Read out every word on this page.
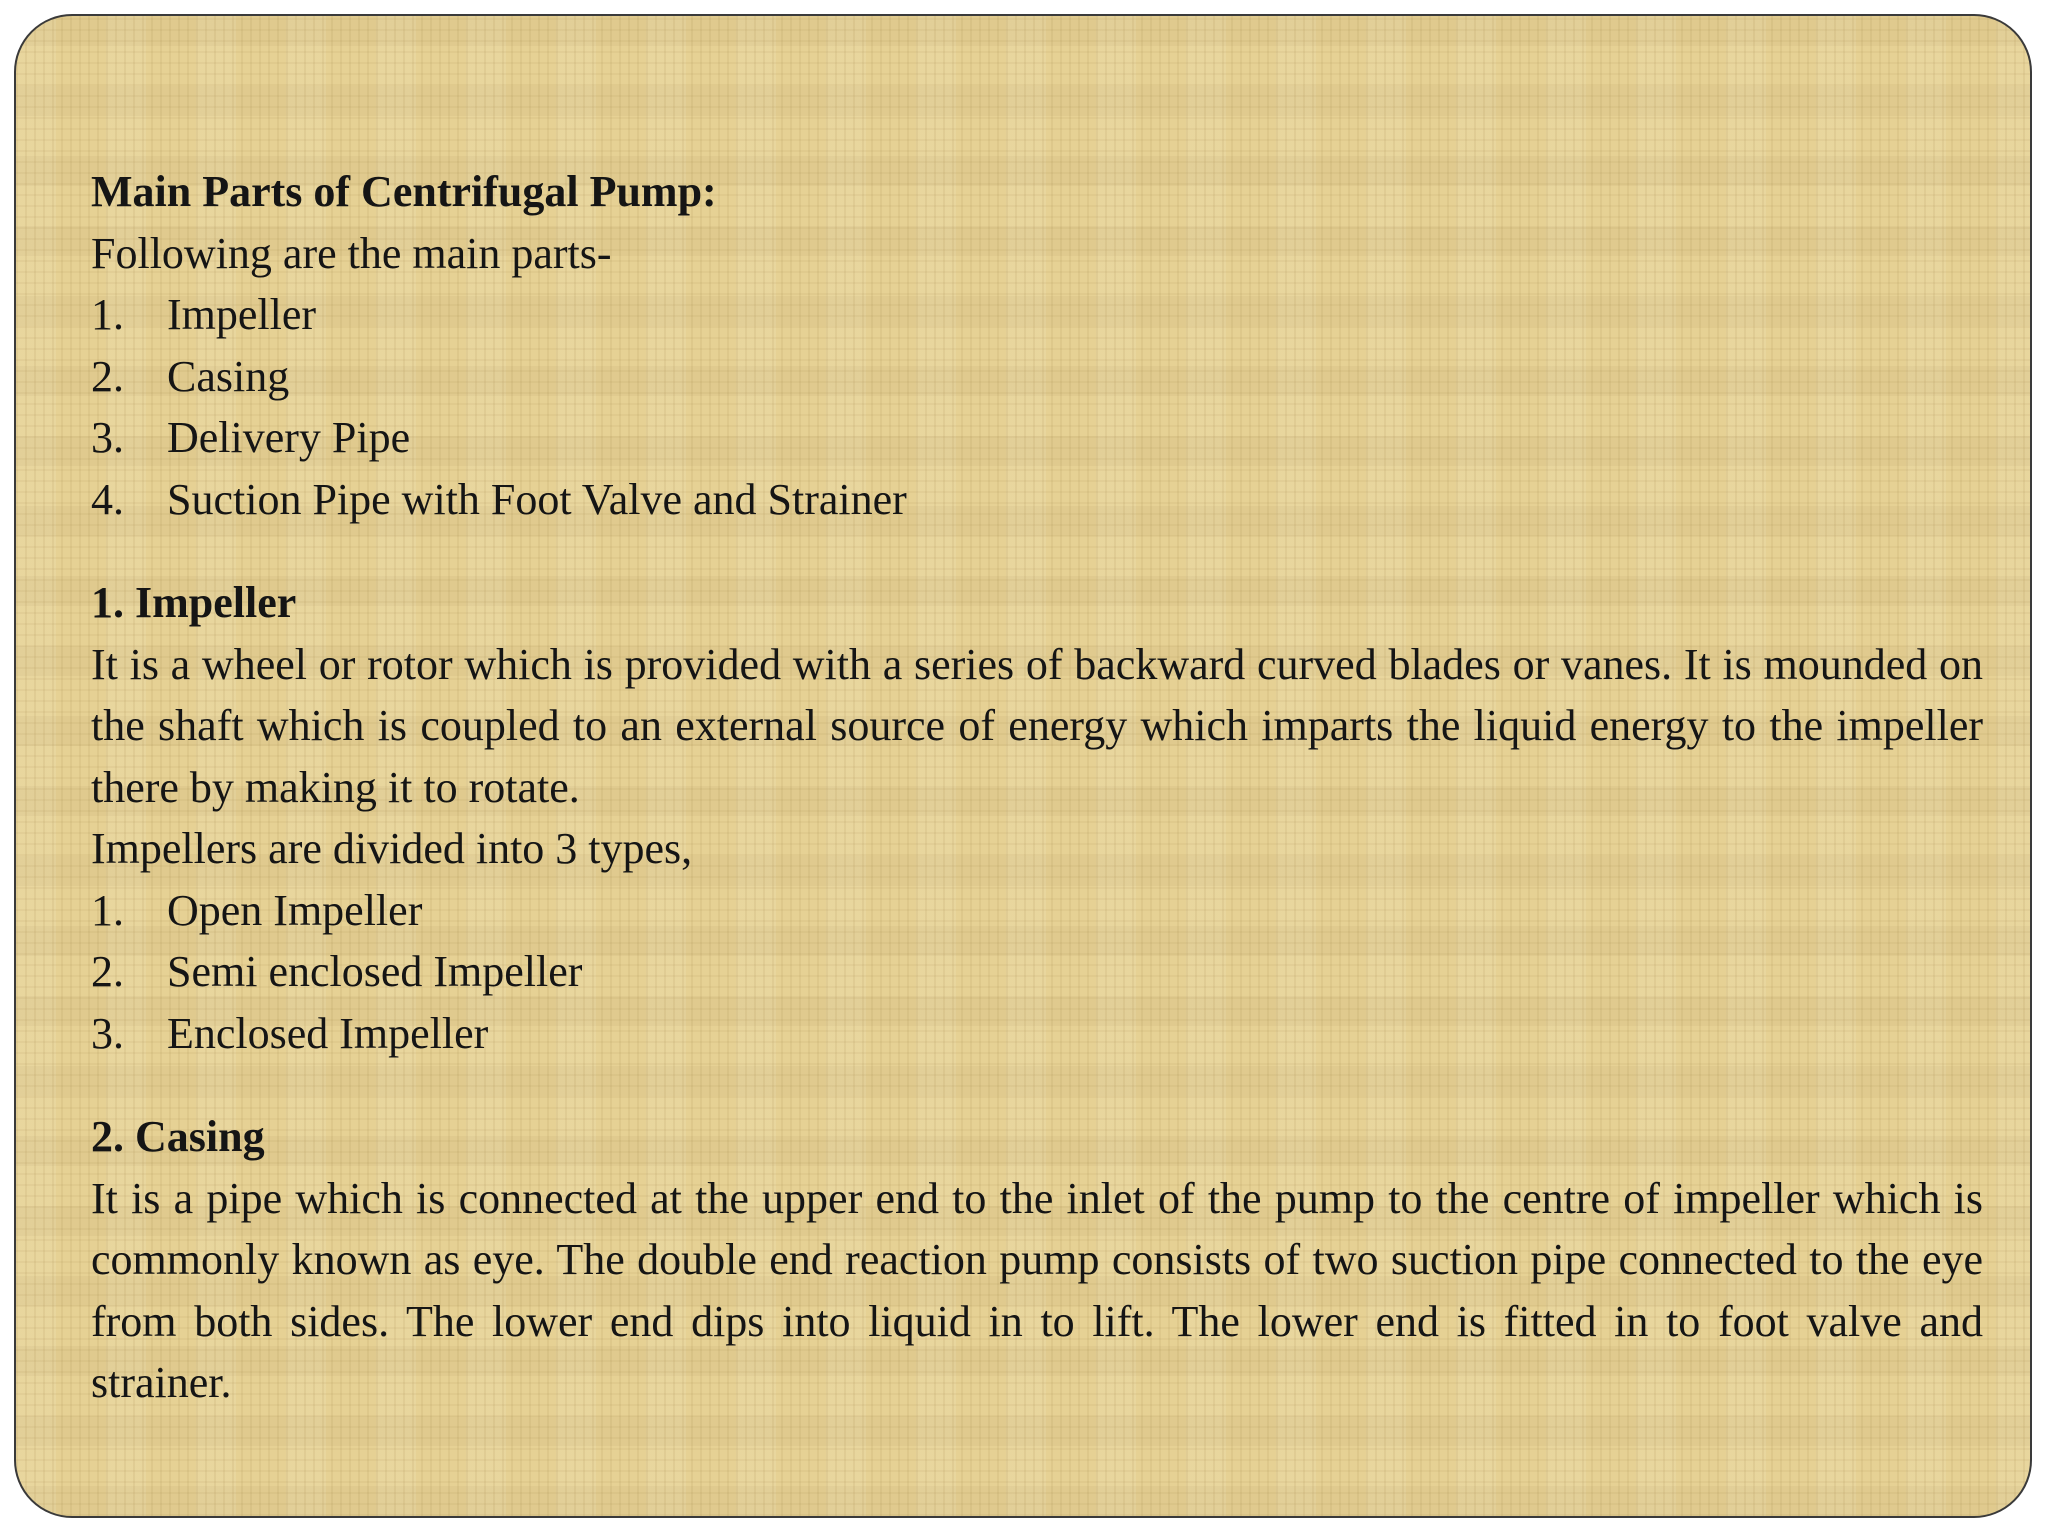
Main Parts of Centrifugal Pump:

Following are the main parts-

1. Impeller
2. Casing
3. Delivery Pipe
4. Suction Pipe with Foot Valve and Strainer

1. Impeller

It is a wheel or rotor which is provided with a series of backward curved blades or vanes. It is mounded on the shaft which is coupled to an external source of energy which imparts the liquid energy to the impeller there by making it to rotate.

Impellers are divided into 3 types,

1. Open Impeller
2. Semi enclosed Impeller
3. Enclosed Impeller

2. Casing

It is a pipe which is connected at the upper end to the inlet of the pump to the centre of impeller which is commonly known as eye. The double end reaction pump consists of two suction pipe connected to the eye from both sides. The lower end dips into liquid in to lift. The lower end is fitted in to foot valve and strainer.
